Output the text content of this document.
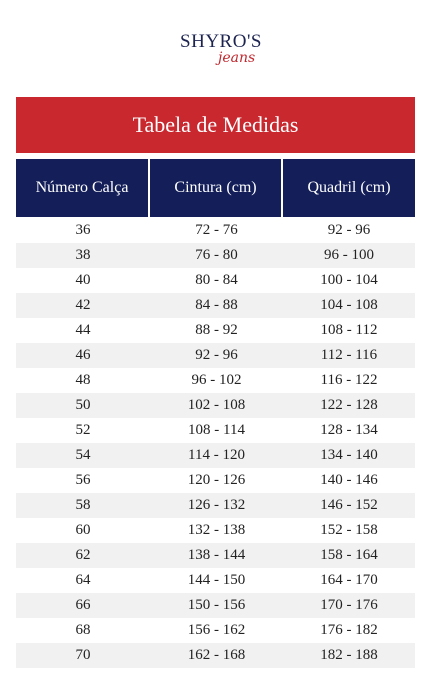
SHYRO'S
jeans
Tabela de Medidas
Número Calça	Cintura (cm)	Quadril (cm)
36	72 - 76	92 - 96
38	76 - 80	96 - 100
40	80 - 84	100 - 104
42	84 - 88	104 - 108
44	88 - 92	108 - 112
46	92 - 96	112 - 116
48	96 - 102	116 - 122
50	102 - 108	122 - 128
52	108 - 114	128 - 134
54	114 - 120	134 - 140
56	120 - 126	140 - 146
58	126 - 132	146 - 152
60	132 - 138	152 - 158
62	138 - 144	158 - 164
64	144 - 150	164 - 170
66	150 - 156	170 - 176
68	156 - 162	176 - 182
70	162 - 168	182 - 188
